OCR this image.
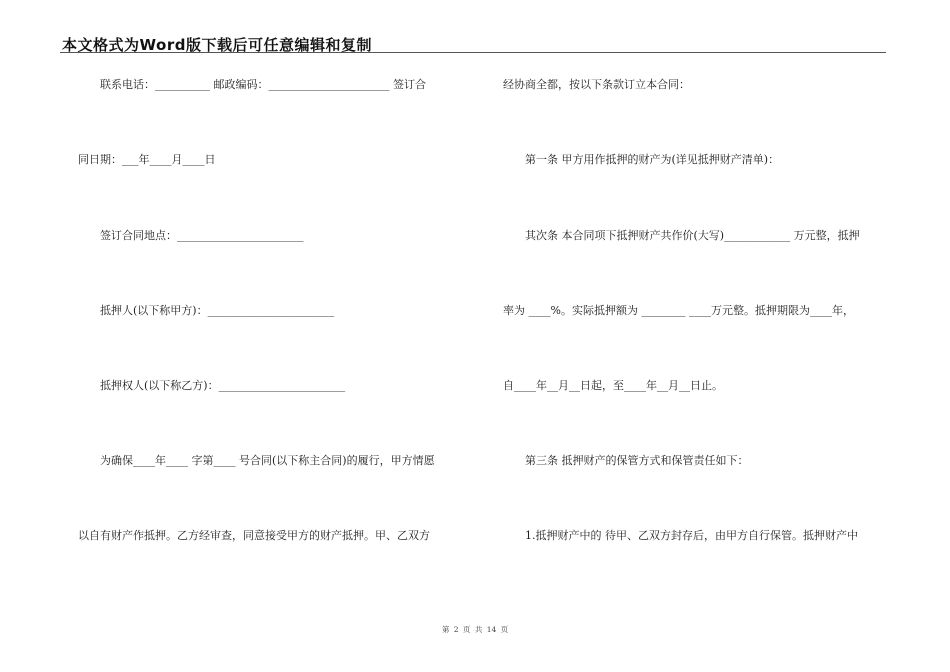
本文格式为Word版下载后可任意编辑和复制
联系电话：__________ 邮政编码：______________________ 签订合
同日期：___年____月____日
签订合同地点：_______________________
抵押人(以下称甲方)：_______________________
抵押权人(以下称乙方)：_______________________
为确保____年____ 字第____ 号合同(以下称主合同)的履行，甲方情愿
以自有财产作抵押。乙方经审查，同意接受甲方的财产抵押。甲、乙双方
经协商全都，按以下条款订立本合同：
第一条 甲方用作抵押的财产为(详见抵押财产清单)：
其次条 本合同项下抵押财产共作价(大写)____________ 万元整，抵押
率为 ____%。实际抵押额为 ________ ____万元整。抵押期限为____年，
自____年__月__日起，至____年__月__日止。
第三条 抵押财产的保管方式和保管责任如下：
1.抵押财产中的 待甲、乙双方封存后，由甲方自行保管。抵押财产中
第 2 页 共 14 页
